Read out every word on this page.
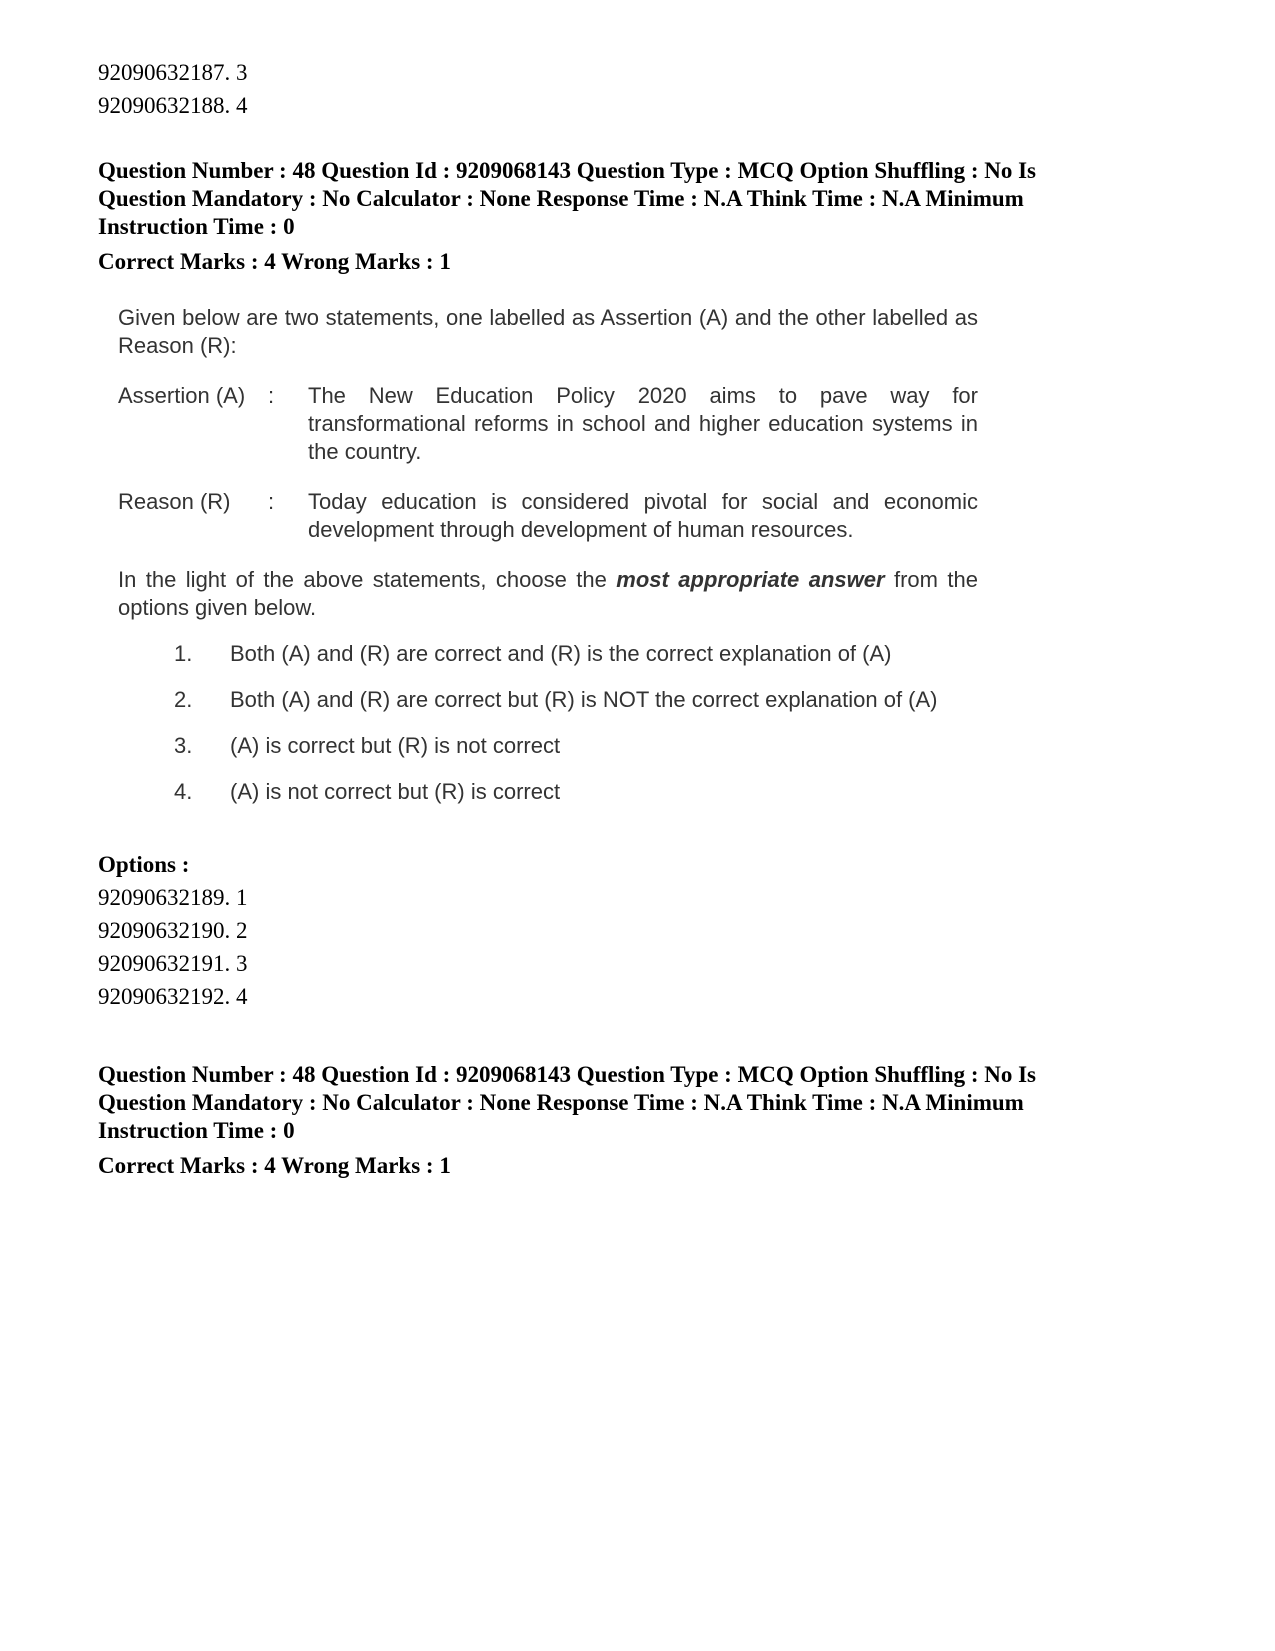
92090632187. 3
92090632188. 4
Question Number : 48 Question Id : 9209068143 Question Type : MCQ Option Shuffling : No Is
Question Mandatory : No Calculator : None Response Time : N.A Think Time : N.A Minimum
Instruction Time : 0
Correct Marks : 4 Wrong Marks : 1
Given below are two statements, one labelled as Assertion (A) and the other labelled as Reason (R):
Assertion (A)	:	The New Education Policy 2020 aims to pave way for transformational reforms in school and higher education systems in the country.
Reason (R)	:	Today education is considered pivotal for social and economic development through development of human resources.
In the light of the above statements, choose the most appropriate answer from the options given below.
1.	Both (A) and (R) are correct and (R) is the correct explanation of (A)
2.	Both (A) and (R) are correct but (R) is NOT the correct explanation of (A)
3.	(A) is correct but (R) is not correct
4.	(A) is not correct but (R) is correct
Options :
92090632189. 1
92090632190. 2
92090632191. 3
92090632192. 4
Question Number : 48 Question Id : 9209068143 Question Type : MCQ Option Shuffling : No Is
Question Mandatory : No Calculator : None Response Time : N.A Think Time : N.A Minimum
Instruction Time : 0
Correct Marks : 4 Wrong Marks : 1
